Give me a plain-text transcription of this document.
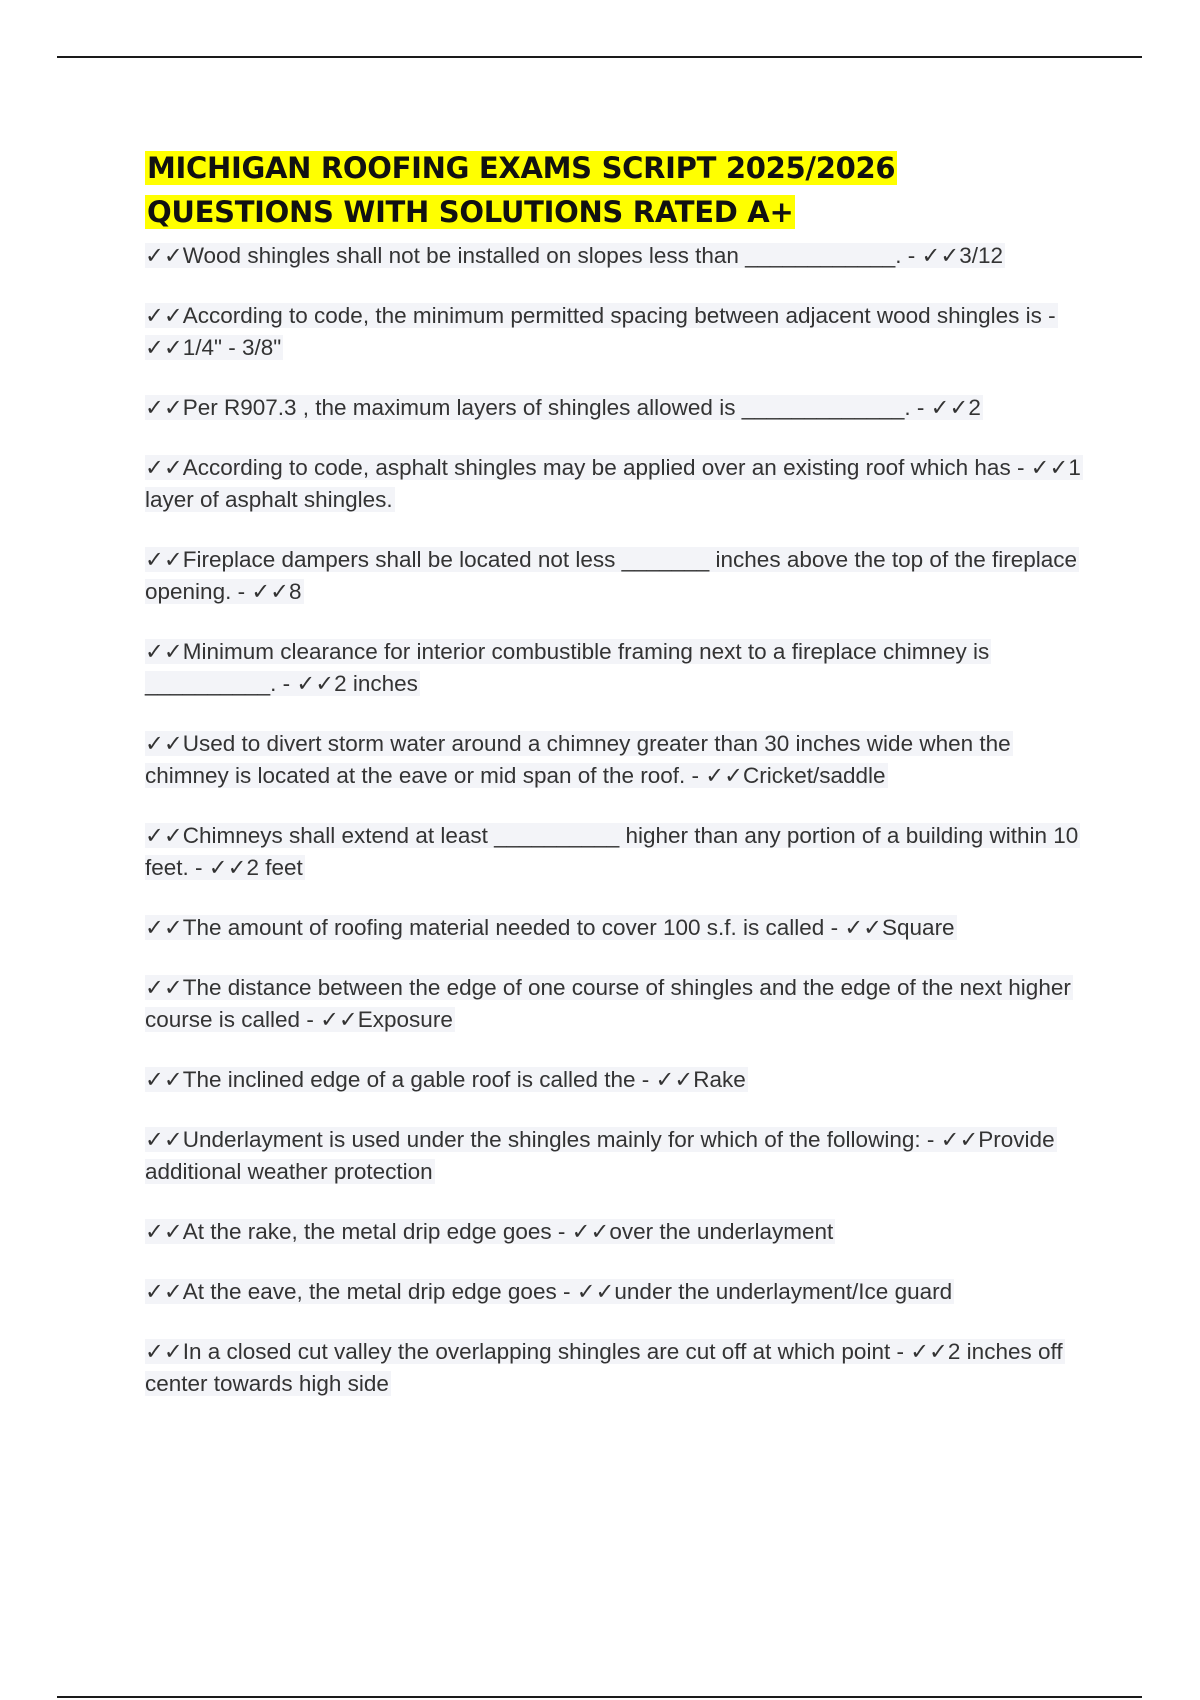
MICHIGAN ROOFING EXAMS SCRIPT 2025/2026
QUESTIONS WITH SOLUTIONS RATED A+
✓✓Wood shingles shall not be installed on slopes less than ____________. - ✓✓3/12
✓✓According to code, the minimum permitted spacing between adjacent wood shingles is - ✓✓1/4" - 3/8"
✓✓Per R907.3 , the maximum layers of shingles allowed is _____________. - ✓✓2
✓✓According to code, asphalt shingles may be applied over an existing roof which has - ✓✓1 layer of asphalt shingles.
✓✓Fireplace dampers shall be located not less _______ inches above the top of the fireplace opening. - ✓✓8
✓✓Minimum clearance for interior combustible framing next to a fireplace chimney is __________. - ✓✓2 inches
✓✓Used to divert storm water around a chimney greater than 30 inches wide when the chimney is located at the eave or mid span of the roof. - ✓✓Cricket/saddle
✓✓Chimneys shall extend at least __________ higher than any portion of a building within 10 feet. - ✓✓2 feet
✓✓The amount of roofing material needed to cover 100 s.f. is called - ✓✓Square
✓✓The distance between the edge of one course of shingles and the edge of the next higher course is called - ✓✓Exposure
✓✓The inclined edge of a gable roof is called the - ✓✓Rake
✓✓Underlayment is used under the shingles mainly for which of the following: - ✓✓Provide additional weather protection
✓✓At the rake, the metal drip edge goes - ✓✓over the underlayment
✓✓At the eave, the metal drip edge goes - ✓✓under the underlayment/Ice guard
✓✓In a closed cut valley the overlapping shingles are cut off at which point - ✓✓2 inches off center towards high side
